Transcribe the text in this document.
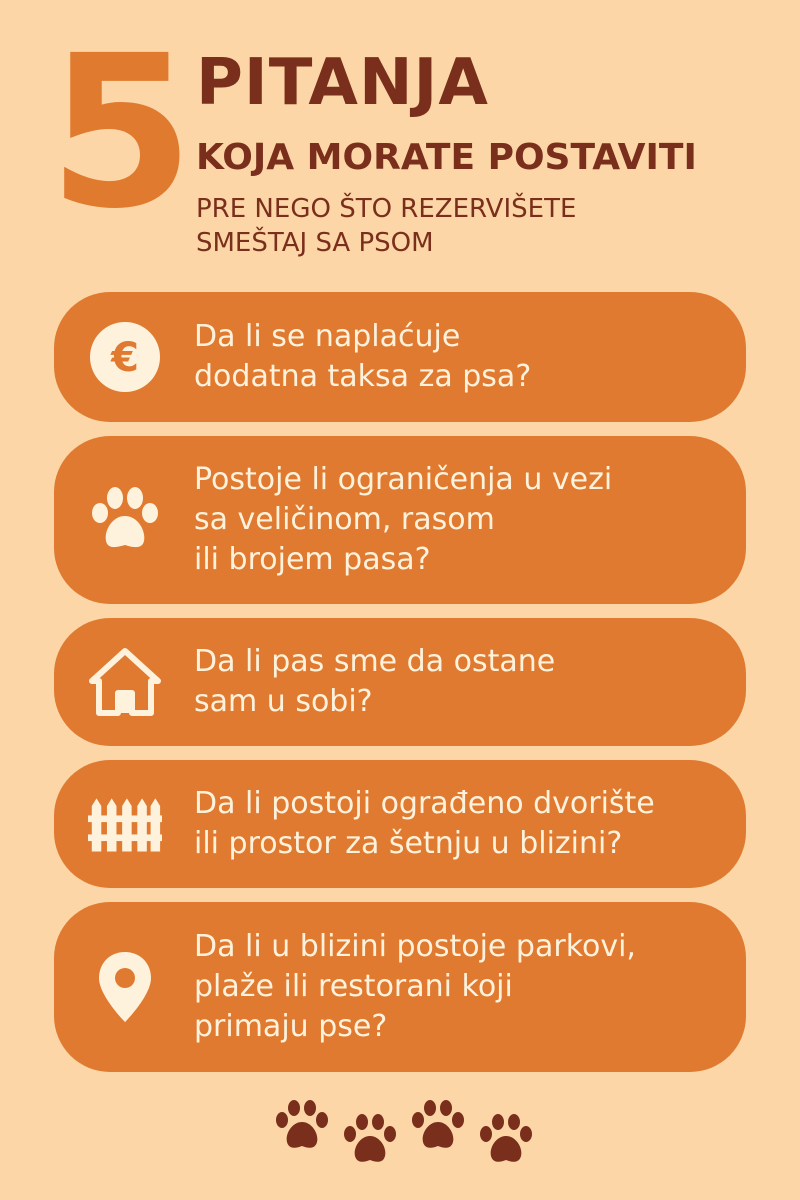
5 PITANJA
KOJA MORATE POSTAVITI
PRE NEGO ŠTO REZERVIŠETE
SMEŠTAJ SA PSOM
€ Da li se naplaćuje
dodatna taksa za psa?
Postoje li ograničenja u vezi
sa veličinom, rasom
ili brojem pasa?
Da li pas sme da ostane
sam u sobi?
Da li postoji ograđeno dvorište
ili prostor za šetnju u blizini?
Da li u blizini postoje parkovi,
plaže ili restorani koji
primaju pse?
